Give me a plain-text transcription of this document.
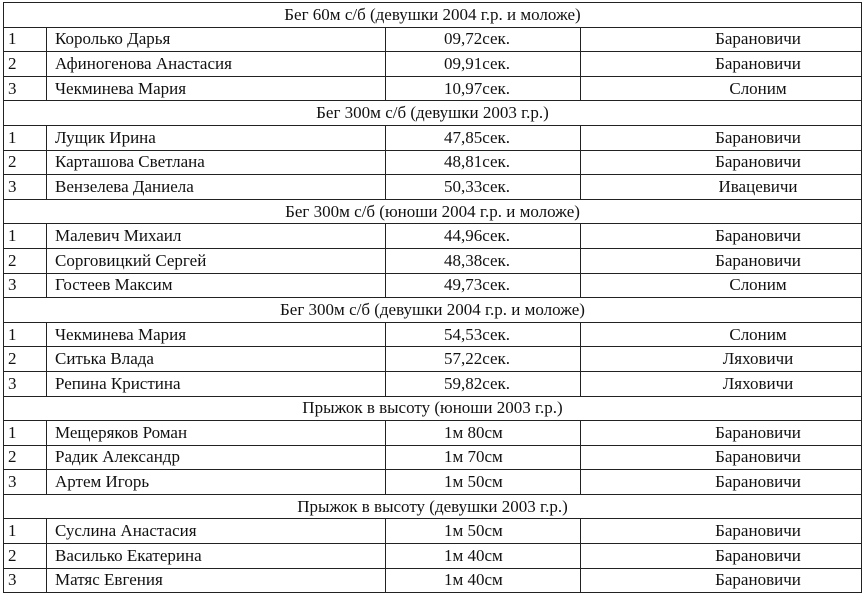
Бег 60м с/б (девушки 2004 г.р. и моложе)			
1	Королько Дарья	09,72сек.	Барановичи
2	Афиногенова Анастасия	09,91сек.	Барановичи
3	Чекминева Мария	10,97сек.	Слоним
Бег 300м с/б (девушки 2003 г.р.)			
1	Лущик Ирина	47,85сек.	Барановичи
2	Карташова Светлана	48,81сек.	Барановичи
3	Вензелева Даниела	50,33сек.	Ивацевичи
Бег 300м с/б (юноши 2004 г.р. и моложе)			
1	Малевич Михаил	44,96сек.	Барановичи
2	Сорговицкий Сергей	48,38сек.	Барановичи
3	Гостеев Максим	49,73сек.	Слоним
Бег 300м с/б (девушки 2004 г.р. и моложе)			
1	Чекминева Мария	54,53сек.	Слоним
2	Ситька Влада	57,22сек.	Ляховичи
3	Репина Кристина	59,82сек.	Ляховичи
Прыжок в высоту (юноши 2003 г.р.)			
1	Мещеряков Роман	1м 80см	Барановичи
2	Радик Александр	1м 70см	Барановичи
3	Артем Игорь	1м 50см	Барановичи
Прыжок в высоту (девушки 2003 г.р.)			
1	Суслина Анастасия	1м 50см	Барановичи
2	Василько Екатерина	1м 40см	Барановичи
3	Матяс Евгения	1м 40см	Барановичи
